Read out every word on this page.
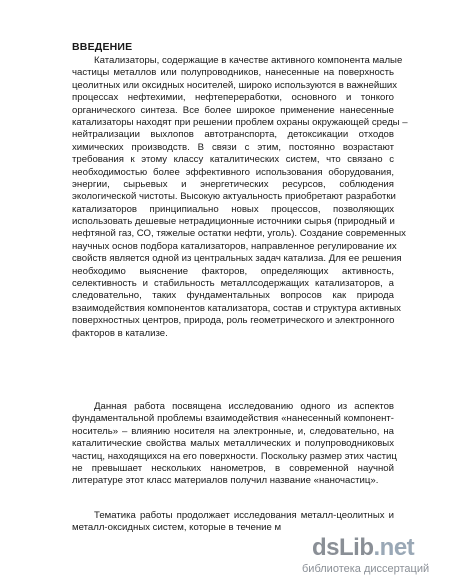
ВВЕДЕНИЕ
Катализаторы, содержащие в качестве активного компонента малые
частицы металлов или полупроводников, нанесенные на поверхность
цеолитных или оксидных носителей, широко используются в важнейших
процессах нефтехимии, нефтепереработки, основного и тонкого
органического синтеза. Все более широкое применение нанесенные
катализаторы находят при решении проблем охраны окружающей среды –
нейтрализации выхлопов автотранспорта, детоксикации отходов
химических производств. В связи с этим, постоянно возрастают
требования к этому классу каталитических систем, что связано с
необходимостью более эффективного использования оборудования,
энергии, сырьевых и энергетических ресурсов, соблюдения
экологической чистоты. Высокую актуальность приобретают разработки
катализаторов принципиально новых процессов, позволяющих
использовать дешевые нетрадиционные источники сырья (природный и
нефтяной газ, СО, тяжелые остатки нефти, уголь). Создание современных
научных основ подбора катализаторов, направленное регулирование их
свойств является одной из центральных задач катализа. Для ее решения
необходимо выяснение факторов, определяющих активность,
селективность и стабильность металлсодержащих катализаторов, а
следовательно, таких фундаментальных вопросов как природа
взаимодействия компонентов катализатора, состав и структура активных
поверхностных центров, природа, роль геометрического и электронного
факторов в катализе.
Данная работа посвящена исследованию одного из аспектов
фундаментальной проблемы взаимодействия «нанесенный компонент-
носитель» – влиянию носителя на электронные, и, следовательно, на
каталитические свойства малых металлических и полупроводниковых
частиц, находящихся на его поверхности. Поскольку размер этих частиц
не превышает нескольких нанометров, в современной научной
литературе этот класс материалов получил название «наночастиц».
Тематика работы продолжает исследования металл-цеолитных и
металл-оксидных систем, которые в течение м
dsLib.net
библиотека диссертаций
